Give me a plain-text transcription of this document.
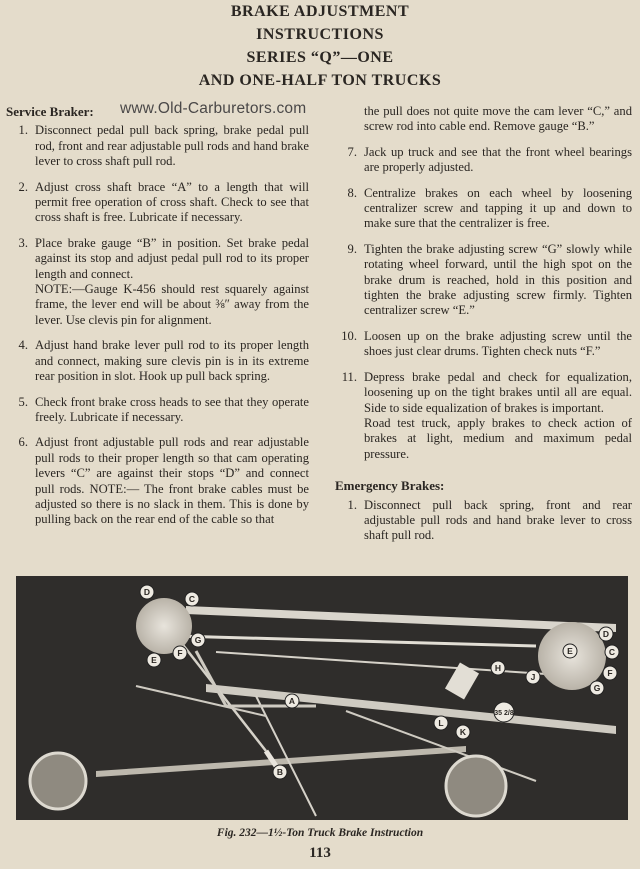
BRAKE ADJUSTMENT
INSTRUCTIONS
SERIES “Q”—ONE
AND ONE-HALF TON TRUCKS
www.Old-Carburetors.com
Service Braker:
1. Disconnect pedal pull back spring, brake pedal pull rod, front and rear adjustable pull rods and hand brake lever to cross shaft pull rod.
2. Adjust cross shaft brace “A” to a length that will permit free operation of cross shaft. Check to see that cross shaft is free. Lubricate if necessary.
3. Place brake gauge “B” in position. Set brake pedal against its stop and adjust pedal pull rod to its proper length and connect.
NOTE:—Gauge K-456 should rest squarely against frame, the lever end will be about ⅜″ away from the lever. Use clevis pin for alignment.
4. Adjust hand brake lever pull rod to its proper length and connect, making sure clevis pin is in its extreme rear position in slot. Hook up pull back spring.
5. Check front brake cross heads to see that they operate freely. Lubricate if necessary.
6. Adjust front adjustable pull rods and rear adjustable pull rods to their proper length so that cam operating levers “C” are against their stops “D” and connect pull rods. NOTE:— The front brake cables must be adjusted so there is no slack in them. This is done by pulling back on the rear end of the cable so that
the pull does not quite move the cam lever “C,” and screw rod into cable end. Remove gauge “B.”
7. Jack up truck and see that the front wheel bearings are properly adjusted.
8. Centralize brakes on each wheel by loosening centralizer screw and tapping it up and down to make sure that the centralizer is free.
9. Tighten the brake adjusting screw “G” slowly while rotating wheel forward, until the high spot on the brake drum is reached, hold in this position and tighten the brake adjusting screw firmly. Tighten centralizer screw “E.”
10. Loosen up on the brake adjusting screw until the shoes just clear drums. Tighten check nuts “F.”
11. Depress brake pedal and check for equalization, loosening up on the tight brakes until all are equal. Side to side equalization of brakes is important.
Road test truck, apply brakes to check action of brakes at light, medium and maximum pedal pressure.
Emergency Brakes:
1. Disconnect pull back spring, front and rear adjustable pull rods and hand brake lever to cross shaft pull rod.
D
C
G
F
E
A
B
D
C
E
F
G
H
J
L
K
35 2/8
Fig. 232—1½-Ton Truck Brake Instruction
113
